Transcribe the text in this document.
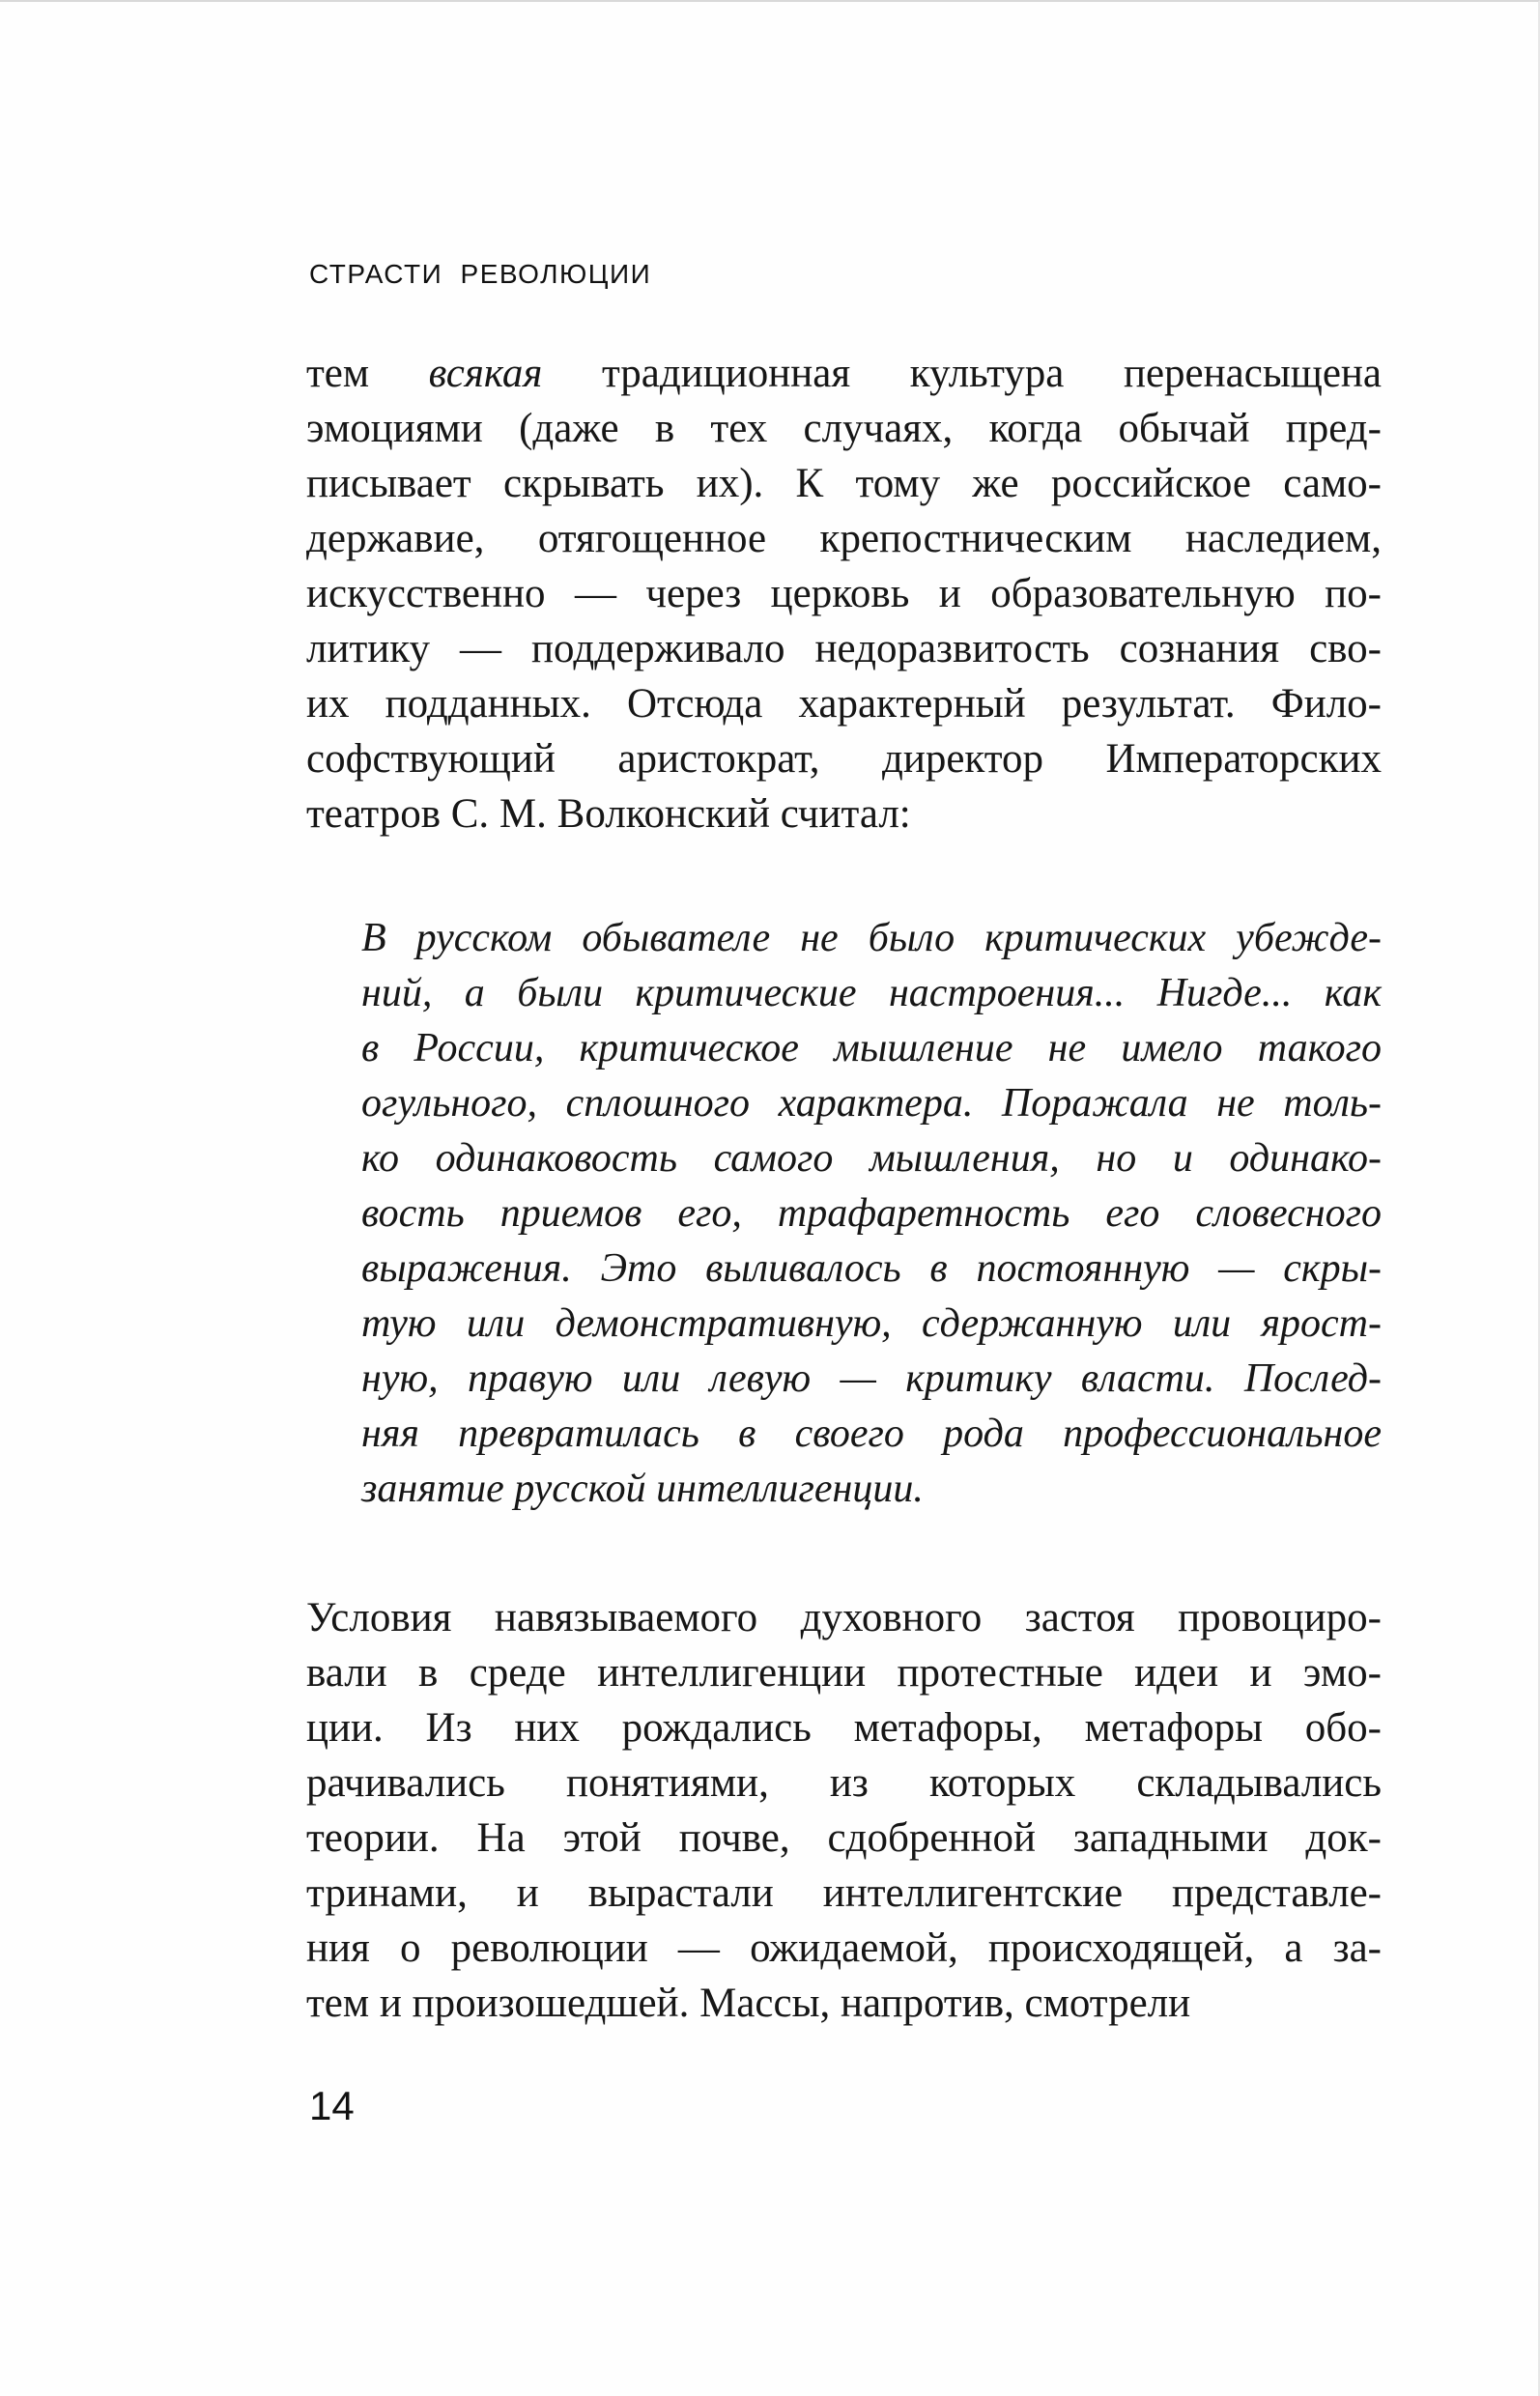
СТРАСТИ РЕВОЛЮЦИИ
тем всякая традиционная культура перенасыщена
эмоциями (даже в тех случаях, когда обычай пред-
писывает скрывать их). К тому же российское само-
державие, отягощенное крепостническим наследием,
искусственно — через церковь и образовательную по-
литику — поддерживало недоразвитость сознания сво-
их подданных. Отсюда характерный результат. Фило-
софствующий аристократ, директор Императорских
театров С. М. Волконский считал:
В русском обывателе не было критических убежде-
ний, а были критические настроения... Нигде... как
в России, критическое мышление не имело такого
огульного, сплошного характера. Поражала не толь-
ко одинаковость самого мышления, но и одинако-
вость приемов его, трафаретность его словесного
выражения. Это выливалось в постоянную — скры-
тую или демонстративную, сдержанную или ярост-
ную, правую или левую — критику власти. Послед-
няя превратилась в своего рода профессиональное
занятие русской интеллигенции.
Условия навязываемого духовного застоя провоциро-
вали в среде интеллигенции протестные идеи и эмо-
ции. Из них рождались метафоры, метафоры обо-
рачивались понятиями, из которых складывались
теории. На этой почве, сдобренной западными док-
тринами, и вырастали интеллигентские представле-
ния о революции — ожидаемой, происходящей, а за-
тем и произошедшей. Массы, напротив, смотрели
14
